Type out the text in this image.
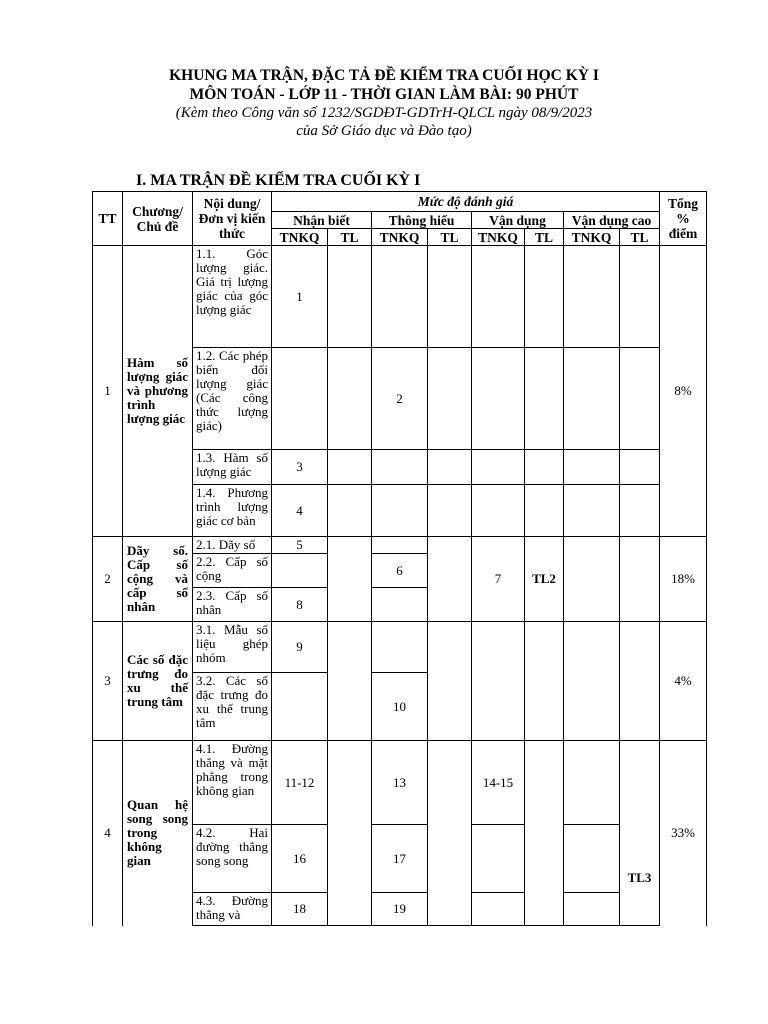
KHUNG MA TRẬN, ĐẶC TẢ ĐỀ KIỂM TRA CUỐI HỌC KỲ I
MÔN TOÁN - LỚP 11 - THỜI GIAN LÀM BÀI: 90 PHÚT
(Kèm theo Công văn số 1232/SGDĐT-GDTrH-QLCL ngày 08/9/2023
của Sở Giáo dục và Đào tạo)
I. MA TRẬN ĐỀ KIỂM TRA CUỐI KỲ I
TT	Chương/ Chủ đề	Nội dung/ Đơn vị kiến thức	Mức độ đánh giá								Tổng % điểm
			Nhận biết		Thông hiểu		Vận dụng		Vận dụng cao		
			TNKQ	TL	TNKQ	TL	TNKQ	TL	TNKQ	TL	
1	Hàm số lượng giác và phương trình lượng giác	1.1. Góc lượng giác. Giá trị lượng giác của góc lượng giác	1								8%
		1.2. Các phép biến đổi lượng giác (Các công thức lượng giác)			2						
		1.3. Hàm số lượng giác	3								
		1.4. Phương trình lượng giác cơ bản	4								
2	Dãy số. Cấp số cộng và cấp số nhân	2.1. Dãy số	5				7	TL2			18%
		2.2. Cấp số cộng			6						
		2.3. Cấp số nhân	8								
3	Các số đặc trưng đo xu thế trung tâm	3.1. Mẫu số liệu ghép nhóm	9								4%
		3.2. Các số đặc trưng đo xu thế trung tâm			10						
4	Quan hệ song song trong không gian	4.1. Đường thẳng và mặt phẳng trong không gian	11-12		13		14-15			TL3	33%
		4.2. Hai đường thẳng song song	16		17						
		4.3. Đường thẳng và	18		19						
